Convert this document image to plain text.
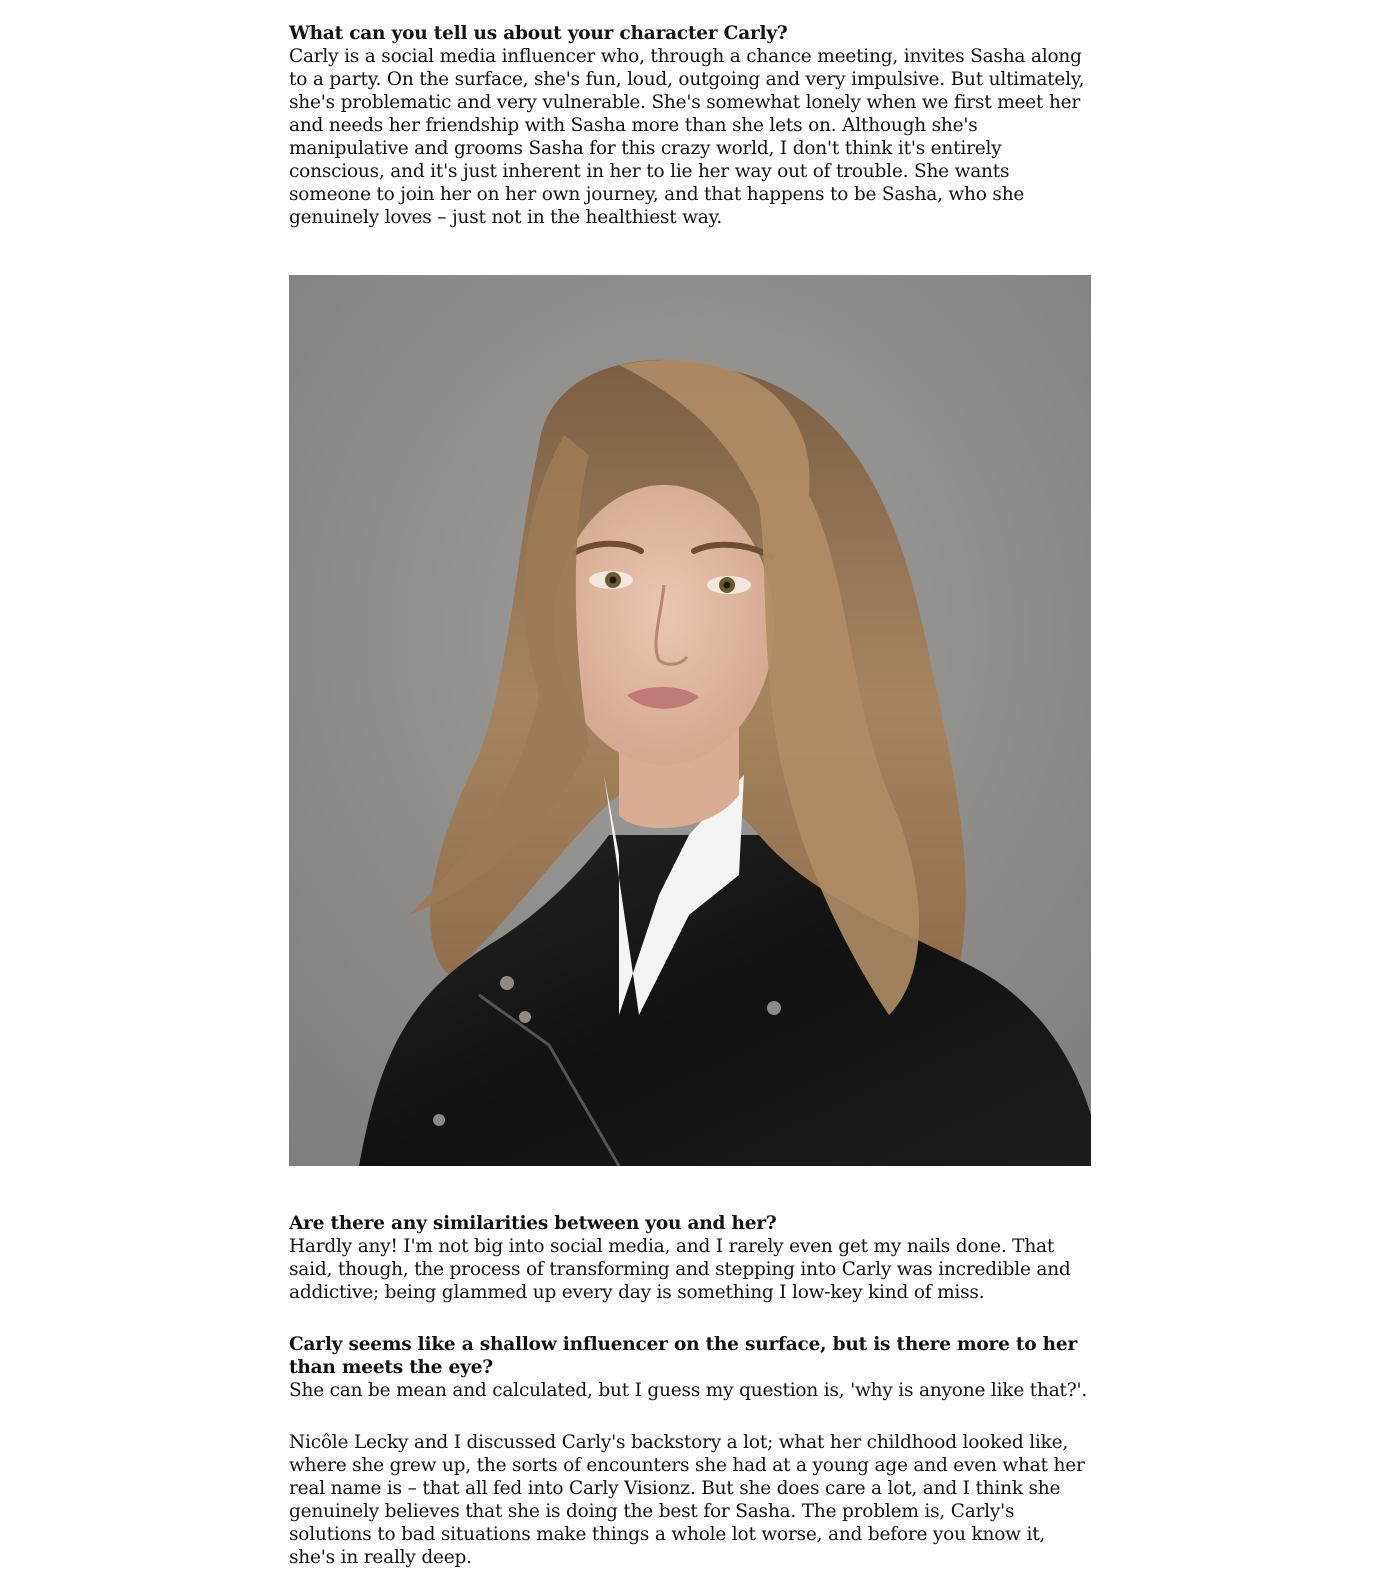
What can you tell us about your character Carly?

Carly is a social media influencer who, through a chance meeting, invites Sasha along to a party. On the surface, she's fun, loud, outgoing and very impulsive. But ultimately, she's problematic and very vulnerable. She's somewhat lonely when we first meet her and needs her friendship with Sasha more than she lets on. Although she's manipulative and grooms Sasha for this crazy world, I don't think it's entirely conscious, and it's just inherent in her to lie her way out of trouble. She wants someone to join her on her own journey, and that happens to be Sasha, who she genuinely loves – just not in the healthiest way.

Are there any similarities between you and her?

Hardly any! I'm not big into social media, and I rarely even get my nails done. That said, though, the process of transforming and stepping into Carly was incredible and addictive; being glammed up every day is something I low-key kind of miss.

Carly seems like a shallow influencer on the surface, but is there more to her than meets the eye?

She can be mean and calculated, but I guess my question is, 'why is anyone like that?'.

Nicôle Lecky and I discussed Carly's backstory a lot; what her childhood looked like, where she grew up, the sorts of encounters she had at a young age and even what her real name is – that all fed into Carly Visionz. But she does care a lot, and I think she genuinely believes that she is doing the best for Sasha. The problem is, Carly's solutions to bad situations make things a whole lot worse, and before you know it, she's in really deep.
